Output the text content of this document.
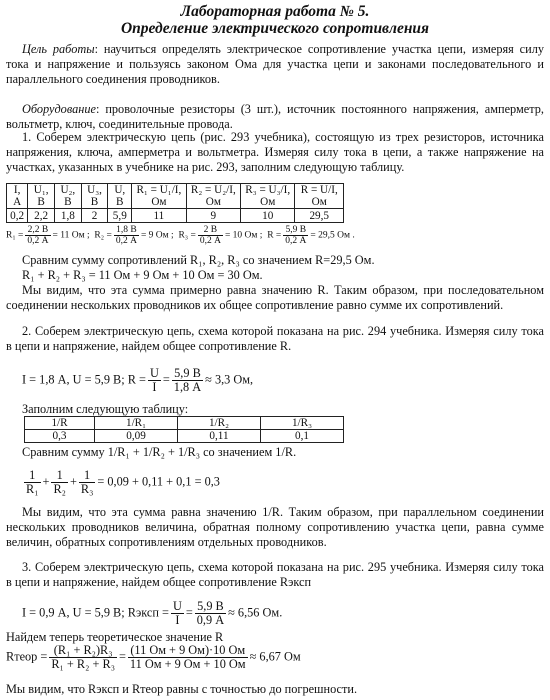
Лабораторная работа № 5.
Определение электрического сопротивления
Цель работы: научиться определять электрическое сопротивление участка цепи, измеряя силу тока и напряжение и пользуясь законом Ома для участка цепи и законами последовательного и параллельного соединения проводников.
Оборудование: проволочные резисторы (3 шт.), источник постоянного напряжения, амперметр, вольтметр, ключ, соединительные провода.
1. Соберем электрическую цепь (рис. 293 учебника), состоящую из трех резисторов, источника напряжения, ключа, амперметра и вольтметра. Измеряя силу тока в цепи, а также напряжение на участках, указанных в учебнике на рис. 293, заполним следующую таблицу.
I, А	U₁, В	U₂, В	U₃, В	U, В	R₁ = U₁/I, Ом	R₂ = U₂/I, Ом	R₃ = U₃/I, Ом	R = U/I, Ом
0,2	2,2	1,8	2	5,9	11	9	10	29,5
$R_1 = \frac{2,2 В}{0,2 А} = 11$ Ом ; $R_2 = \frac{1,8 В}{0,2 А} = 9$ Ом ; $R_3 = \frac{2 В}{0,2 А} = 10$ Ом ; $R = \frac{5,9 В}{0,2 А} = 29,5$ Ом .
Сравним сумму сопротивлений R₁, R₂, R₃ со значением R=29,5 Ом.
R₁ + R₂ + R₃ = 11 Ом + 9 Ом + 10 Ом = 30 Ом.
Мы видим, что эта сумма примерно равна значению R. Таким образом, при последовательном соединении нескольких проводников их общее сопротивление равно сумме их сопротивлений.
2. Соберем электрическую цепь, схема которой показана на рис. 294 учебника. Измеряя силу тока в цепи и напряжение, найдем общее сопротивление R.
I = 1,8 А, U = 5,9 В; $R = \frac{U}{I} = \frac{5,9 В}{1,8 А} \approx 3,3$ Ом,
Заполним следующую таблицу:
1/R	1/R₁	1/R₂	1/R₃
0,3	0,09	0,11	0,1
Сравним сумму 1/R₁ + 1/R₂ + 1/R₃ со значением 1/R.
$\frac{1}{\text{R₁}} + \frac{1}{\text{R₂}} + \frac{1}{\text{R₃}} = 0,09 + 0,11 + 0,1 = 0,3$
Мы видим, что эта сумма равна значению 1/R. Таким образом, при параллельном соединении нескольких проводников величина, обратная полному сопротивлению участка цепи, равна сумме величин, обратных сопротивлениям отдельных проводников.
3. Соберем электрическую цепь, схема которой показана на рис. 295 учебника. Измеряя силу тока в цепи и напряжение, найдем общее сопротивление Rэксп
I = 0,9 А, U = 5,9 В; Rэксп = $\frac{U}{I} = \frac{5,9 В}{0,9 А} \approx 6,56$ Ом.
Найдем теперь теоретическое значение R
Rтеор = $\frac{\text{(R₁ + R₂)R₃}}{\text{R₁ + R₂ + R₃}} = \frac{(11 Ом + 9 Ом)\cdot 10 Ом}{11 Ом + 9 Ом + 10 Ом} \approx 6,67$ Ом
Мы видим, что Rэксп и Rтеор равны с точностью до погрешности.
